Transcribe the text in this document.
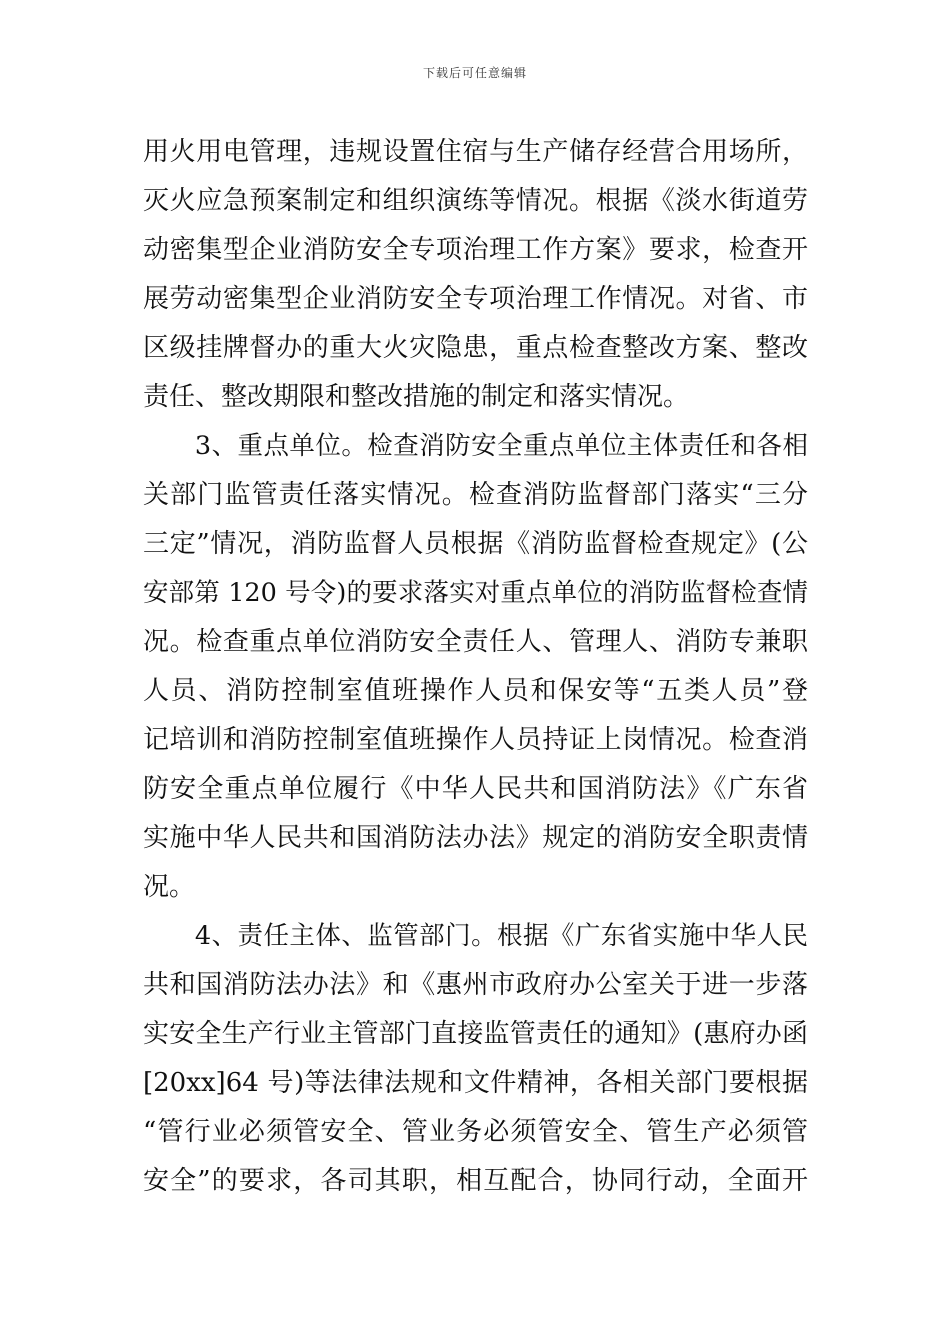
下载后可任意编辑
用火用电管理，违规设置住宿与生产储存经营合用场所，
灭火应急预案制定和组织演练等情况。根据《淡水街道劳
动密集型企业消防安全专项治理工作方案》要求，检查开
展劳动密集型企业消防安全专项治理工作情况。对省、市
区级挂牌督办的重大火灾隐患，重点检查整改方案、整改
责任、整改期限和整改措施的制定和落实情况。
　　3、重点单位。检查消防安全重点单位主体责任和各相
关部门监管责任落实情况。检查消防监督部门落实“三分
三定”情况，消防监督人员根据《消防监督检查规定》(公
安部第 120 号令)的要求落实对重点单位的消防监督检查情
况。检查重点单位消防安全责任人、管理人、消防专兼职
人员、消防控制室值班操作人员和保安等“五类人员”登
记培训和消防控制室值班操作人员持证上岗情况。检查消
防安全重点单位履行《中华人民共和国消防法》《广东省
实施中华人民共和国消防法办法》规定的消防安全职责情
况。
　　4、责任主体、监管部门。根据《广东省实施中华人民
共和国消防法办法》和《惠州市政府办公室关于进一步落
实安全生产行业主管部门直接监管责任的通知》(惠府办函
[20xx]64 号)等法律法规和文件精神，各相关部门要根据
“管行业必须管安全、管业务必须管安全、管生产必须管
安全”的要求，各司其职，相互配合，协同行动，全面开
